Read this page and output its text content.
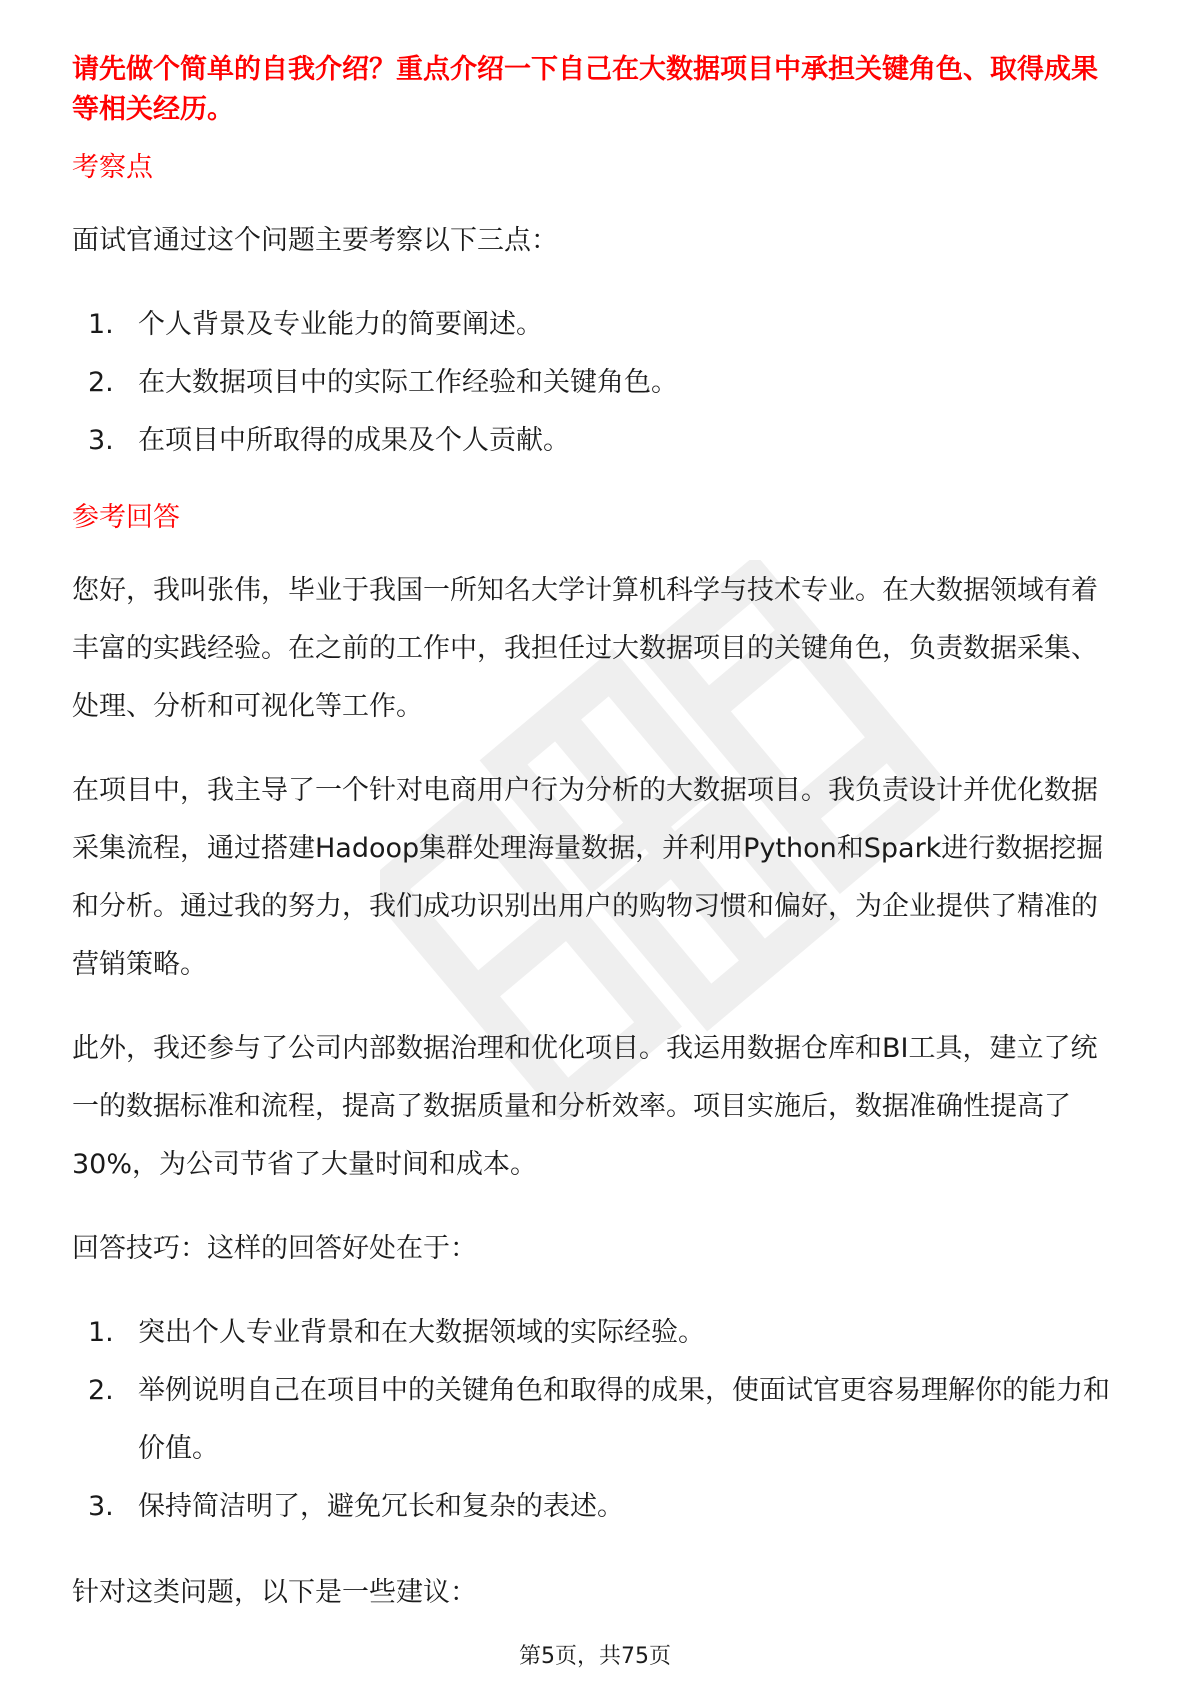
请先做个简单的自我介绍？重点介绍一下自己在大数据项目中承担关键角色、取得成果等相关经历。
考察点
面试官通过这个问题主要考察以下三点：
1. 个人背景及专业能力的简要阐述。
2. 在大数据项目中的实际工作经验和关键角色。
3. 在项目中所取得的成果及个人贡献。
参考回答
您好，我叫张伟，毕业于我国一所知名大学计算机科学与技术专业。在大数据领域有着丰富的实践经验。在之前的工作中，我担任过大数据项目的关键角色，负责数据采集、处理、分析和可视化等工作。
在项目中，我主导了一个针对电商用户行为分析的大数据项目。我负责设计并优化数据采集流程，通过搭建Hadoop集群处理海量数据，并利用Python和Spark进行数据挖掘和分析。通过我的努力，我们成功识别出用户的购物习惯和偏好，为企业提供了精准的营销策略。
此外，我还参与了公司内部数据治理和优化项目。我运用数据仓库和BI工具，建立了统一的数据标准和流程，提高了数据质量和分析效率。项目实施后，数据准确性提高了30%，为公司节省了大量时间和成本。
回答技巧：这样的回答好处在于：
1. 突出个人专业背景和在大数据领域的实际经验。
2. 举例说明自己在项目中的关键角色和取得的成果，使面试官更容易理解你的能力和价值。
3. 保持简洁明了，避免冗长和复杂的表述。
针对这类问题，以下是一些建议：
第5页，共75页
